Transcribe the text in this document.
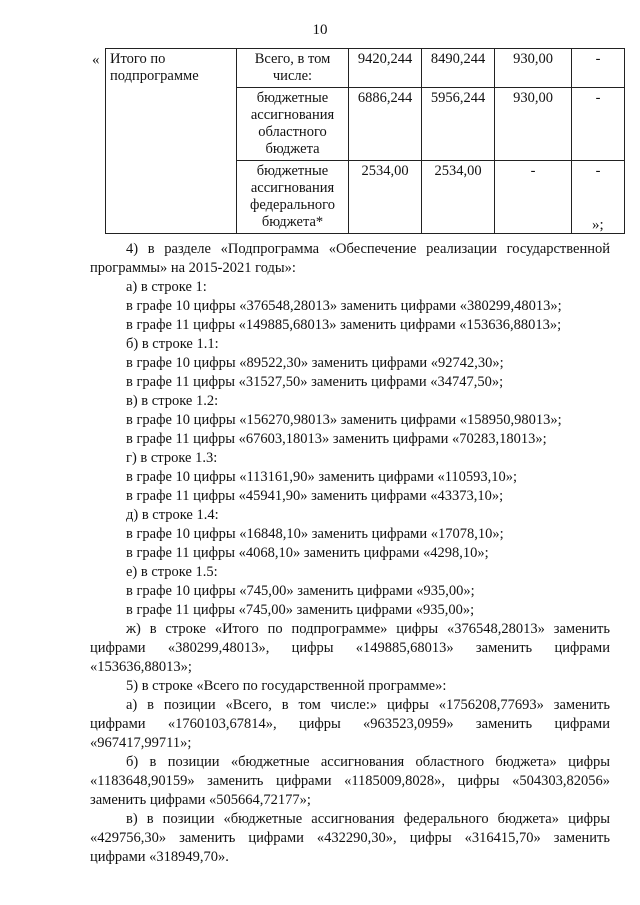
10
« Итого по подпрограмме	Всего, в том числе:	9420,244	8490,244	930,00	-
	бюджетные ассигнования областного бюджета	6886,244	5956,244	930,00	-
	бюджетные ассигнования федерального бюджета*	2534,00	2534,00	-	-
»;

4) в разделе «Подпрограмма «Обеспечение реализации государственной программы» на 2015-2021 годы»:

а) в строке 1:

в графе 10 цифры «376548,28013» заменить цифрами «380299,48013»;

в графе 11 цифры «149885,68013» заменить цифрами «153636,88013»;

б) в строке 1.1:

в графе 10 цифры «89522,30» заменить цифрами «92742,30»;

в графе 11 цифры «31527,50» заменить цифрами «34747,50»;

в) в строке 1.2:

в графе 10 цифры «156270,98013» заменить цифрами «158950,98013»;

в графе 11 цифры «67603,18013» заменить цифрами «70283,18013»;

г) в строке 1.3:

в графе 10 цифры «113161,90» заменить цифрами «110593,10»;

в графе 11 цифры «45941,90» заменить цифрами «43373,10»;

д) в строке 1.4:

в графе 10 цифры «16848,10» заменить цифрами «17078,10»;

в графе 11 цифры «4068,10» заменить цифрами «4298,10»;

е) в строке 1.5:

в графе 10 цифры «745,00» заменить цифрами «935,00»;

в графе 11 цифры «745,00» заменить цифрами «935,00»;

ж) в строке «Итого по подпрограмме» цифры «376548,28013» заменить цифрами «380299,48013», цифры «149885,68013» заменить цифрами «153636,88013»;

5) в строке «Всего по государственной программе»:

а) в позиции «Всего, в том числе:» цифры «1756208,77693» заменить цифрами «1760103,67814», цифры «963523,0959» заменить цифрами «967417,99711»;

б) в позиции «бюджетные ассигнования областного бюджета» цифры «1183648,90159» заменить цифрами «1185009,8028», цифры «504303,82056» заменить цифрами «505664,72177»;

в) в позиции «бюджетные ассигнования федерального бюджета» цифры «429756,30» заменить цифрами «432290,30», цифры «316415,70» заменить цифрами «318949,70».
